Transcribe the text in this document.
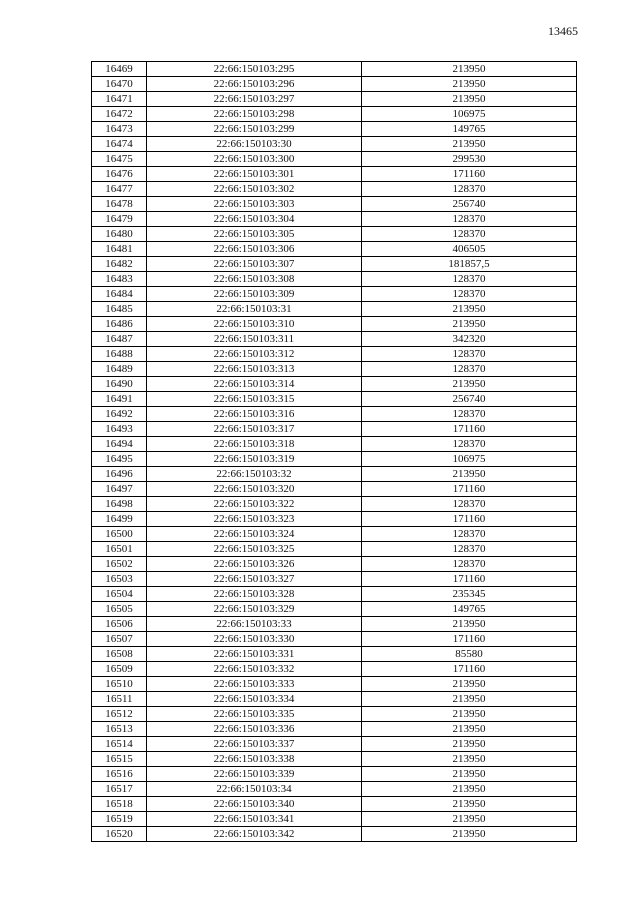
13465
16469	22:66:150103:295	213950
16470	22:66:150103:296	213950
16471	22:66:150103:297	213950
16472	22:66:150103:298	106975
16473	22:66:150103:299	149765
16474	22:66:150103:30	213950
16475	22:66:150103:300	299530
16476	22:66:150103:301	171160
16477	22:66:150103:302	128370
16478	22:66:150103:303	256740
16479	22:66:150103:304	128370
16480	22:66:150103:305	128370
16481	22:66:150103:306	406505
16482	22:66:150103:307	181857,5
16483	22:66:150103:308	128370
16484	22:66:150103:309	128370
16485	22:66:150103:31	213950
16486	22:66:150103:310	213950
16487	22:66:150103:311	342320
16488	22:66:150103:312	128370
16489	22:66:150103:313	128370
16490	22:66:150103:314	213950
16491	22:66:150103:315	256740
16492	22:66:150103:316	128370
16493	22:66:150103:317	171160
16494	22:66:150103:318	128370
16495	22:66:150103:319	106975
16496	22:66:150103:32	213950
16497	22:66:150103:320	171160
16498	22:66:150103:322	128370
16499	22:66:150103:323	171160
16500	22:66:150103:324	128370
16501	22:66:150103:325	128370
16502	22:66:150103:326	128370
16503	22:66:150103:327	171160
16504	22:66:150103:328	235345
16505	22:66:150103:329	149765
16506	22:66:150103:33	213950
16507	22:66:150103:330	171160
16508	22:66:150103:331	85580
16509	22:66:150103:332	171160
16510	22:66:150103:333	213950
16511	22:66:150103:334	213950
16512	22:66:150103:335	213950
16513	22:66:150103:336	213950
16514	22:66:150103:337	213950
16515	22:66:150103:338	213950
16516	22:66:150103:339	213950
16517	22:66:150103:34	213950
16518	22:66:150103:340	213950
16519	22:66:150103:341	213950
16520	22:66:150103:342	213950
